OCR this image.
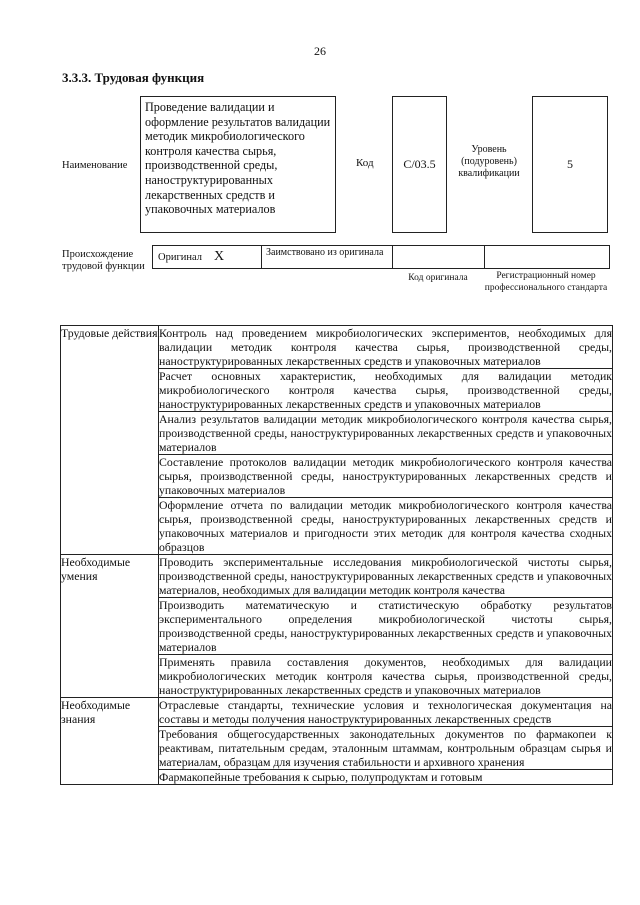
26
3.3.3. Трудовая функция
Наименование
Проведение валидации и оформление результатов валидации методик микробиологического контроля качества сырья, производственной среды, наноструктурированных лекарственных средств и упаковочных материалов
Код C/03.5
Уровень (подуровень) квалификации
5
Происхождение трудовой функции
Оригинал X	Заимствовано из оригинала
Код оригинала	Регистрационный номер профессионального стандарта
Трудовые действия	Контроль над проведением микробиологических экспериментов, необходимых для валидации методик контроля качества сырья, производственной среды, наноструктурированных лекарственных средств и упаковочных материалов
	Расчет основных характеристик, необходимых для валидации методик микробиологического контроля качества сырья, производственной среды, наноструктурированных лекарственных средств и упаковочных материалов
	Анализ результатов валидации методик микробиологического контроля качества сырья, производственной среды, наноструктурированных лекарственных средств и упаковочных материалов
	Составление протоколов валидации методик микробиологического контроля качества сырья, производственной среды, наноструктурированных лекарственных средств и упаковочных материалов
	Оформление отчета по валидации методик микробиологического контроля качества сырья, производственной среды, наноструктурированных лекарственных средств и упаковочных материалов и пригодности этих методик для контроля качества сходных образцов
Необходимые умения	Проводить экспериментальные исследования микробиологической чистоты сырья, производственной среды, наноструктурированных лекарственных средств и упаковочных материалов, необходимых для валидации методик контроля качества
	Производить математическую и статистическую обработку результатов экспериментального определения микробиологической чистоты сырья, производственной среды, наноструктурированных лекарственных средств и упаковочных материалов
	Применять правила составления документов, необходимых для валидации микробиологических методик контроля качества сырья, производственной среды, наноструктурированных лекарственных средств и упаковочных материалов
Необходимые знания	Отраслевые стандарты, технические условия и технологическая документация на составы и методы получения наноструктурированных лекарственных средств
	Требования общегосударственных законодательных документов по фармакопеи к реактивам, питательным средам, эталонным штаммам, контрольным образцам сырья и материалам, образцам для изучения стабильности и архивного хранения
	Фармакопейные требования к сырью, полупродуктам и готовым
